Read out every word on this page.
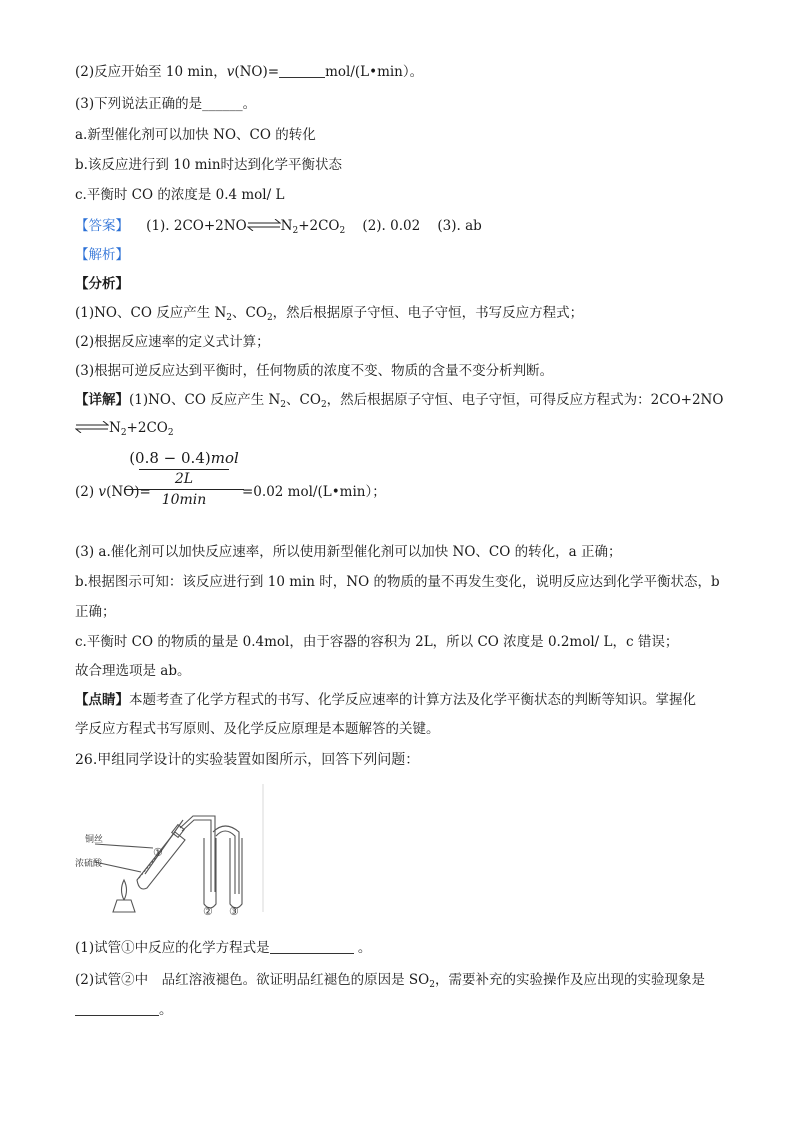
(2)反应开始至 10 min，v(NO)=	mol/(L•min）。
(3)下列说法正确的是______。
a.新型催化剂可以加快 NO、CO 的转化
b.该反应进行到 10 min时达到化学平衡状态
c.平衡时 CO 的浓度是 0.4 mol/ L
【答案】 (1). $2CO+2NO\rightleftharpoons N_2+2CO_2$ (2). 0.02 (3). ab
【解析】
【分析】
(1)NO、CO 反应产生 $N_2$、$CO_2$，然后根据原子守恒、电子守恒，书写反应方程式；
(2)根据反应速率的定义式计算；
(3)根据可逆反应达到平衡时，任何物质的浓度不变、物质的含量不变分析判断。
【详解】(1)NO、CO 反应产生 $N_2$、$CO_2$，然后根据原子守恒、电子守恒，可得反应方程式为：2CO+2NO
$\rightleftharpoons N_2+2CO_2$
(2) v(NO)=
(0.8 − 0.4)mol
2L
10min	=0.02 mol/(L•min）；
(3) a.催化剂可以加快反应速率，所以使用新型催化剂可以加快 NO、CO 的转化，a 正确；
b.根据图示可知：该反应进行到 10 min 时，NO 的物质的量不再发生变化，说明反应达到化学平衡状态，b
正确；
c.平衡时 CO 的物质的量是 0.4mol，由于容器的容积为 2L，所以 CO 浓度是 0.2mol/ L，c 错误；
故合理选项是 ab。
【点睛】本题考查了化学方程式的书写、化学反应速率的计算方法及化学平衡状态的判断等知识。掌握化
学反应方程式书写原则、及化学反应原理是本题解答的关键。
26.甲组同学设计的实验装置如图所示，回答下列问题：
铜丝
浓硫酸
①
② ③
(1)试管①中反应的化学方程式是	。
(2)试管②中　品红溶液褪色。欲证明品红褪色的原因是 $SO_2$，需要补充的实验操作及应出现的实验现象是
。
